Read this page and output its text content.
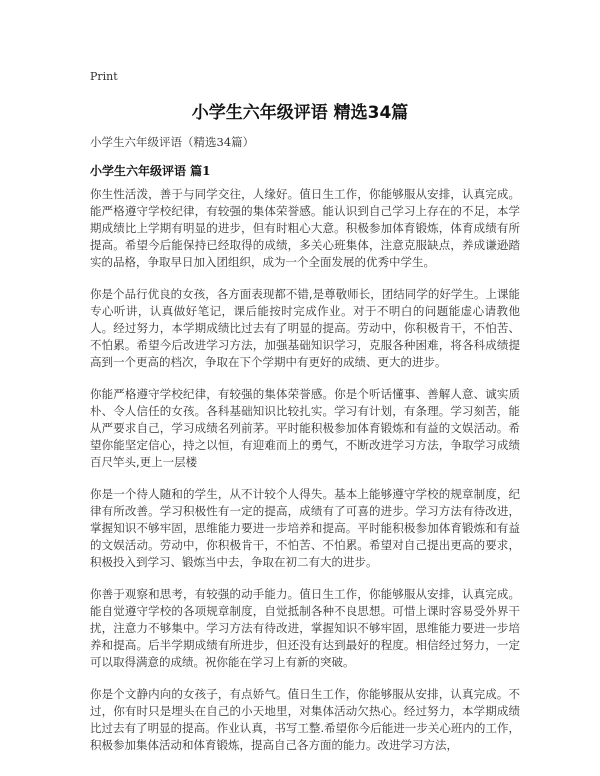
Print
小学生六年级评语 精选34篇
小学生六年级评语（精选34篇）
小学生六年级评语 篇1

你生性活泼，善于与同学交往，人缘好。值日生工作，你能够服从安排，认真完成。能严格遵守学校纪律，有较强的集体荣誉感。能认识到自己学习上存在的不足，本学期成绩比上学期有明显的进步，但有时粗心大意。积极参加体育锻炼，体育成绩有所提高。希望今后能保持已经取得的成绩，多关心班集体，注意克服缺点，养成谦逊踏实的品格，争取早日加入团组织，成为一个全面发展的优秀中学生。

你是个品行优良的女孩，各方面表现都不错,是尊敬师长，团结同学的好学生。上课能专心听讲，认真做好笔记，课后能按时完成作业。对于不明白的问题能虚心请教他人。经过努力，本学期成绩比过去有了明显的提高。劳动中，你积极肯干，不怕苦、不怕累。希望今后改进学习方法，加强基础知识学习，克服各种困难，将各科成绩提高到一个更高的档次，争取在下个学期中有更好的成绩、更大的进步。

你能严格遵守学校纪律，有较强的集体荣誉感。你是个听话懂事、善解人意、诚实质朴、令人信任的女孩。各科基础知识比较扎实。学习有计划，有条理。学习刻苦，能从严要求自己，学习成绩名列前茅。平时能积极参加体育锻炼和有益的文娱活动。希望你能坚定信心，持之以恒，有迎难而上的勇气，不断改进学习方法，争取学习成绩百尺竿头,更上一层楼

你是一个待人随和的学生，从不计较个人得失。基本上能够遵守学校的规章制度，纪律有所改善。学习积极性有一定的提高，成绩有了可喜的进步。学习方法有待改进，掌握知识不够牢固，思维能力要进一步培养和提高。平时能积极参加体育锻炼和有益的文娱活动。劳动中，你积极肯干，不怕苦、不怕累。希望对自己提出更高的要求，积极投入到学习、锻炼当中去，争取在初二有大的进步。

你善于观察和思考，有较强的动手能力。值日生工作，你能够服从安排，认真完成。能自觉遵守学校的各项规章制度，自觉抵制各种不良思想。可惜上课时容易受外界干扰，注意力不够集中。学习方法有待改进，掌握知识不够牢固，思维能力要进一步培养和提高。后半学期成绩有所进步，但还没有达到最好的程度。相信经过努力，一定可以取得满意的成绩。祝你能在学习上有新的突破。

你是个文静内向的女孩子，有点娇气。值日生工作，你能够服从安排，认真完成。不过，你有时只是埋头在自己的小天地里，对集体活动欠热心。经过努力，本学期成绩比过去有了明显的提高。作业认真，书写工整.希望你今后能进一步关心班内的工作，积极参加集体活动和体育锻炼，提高自己各方面的能力。改进学习方法，
